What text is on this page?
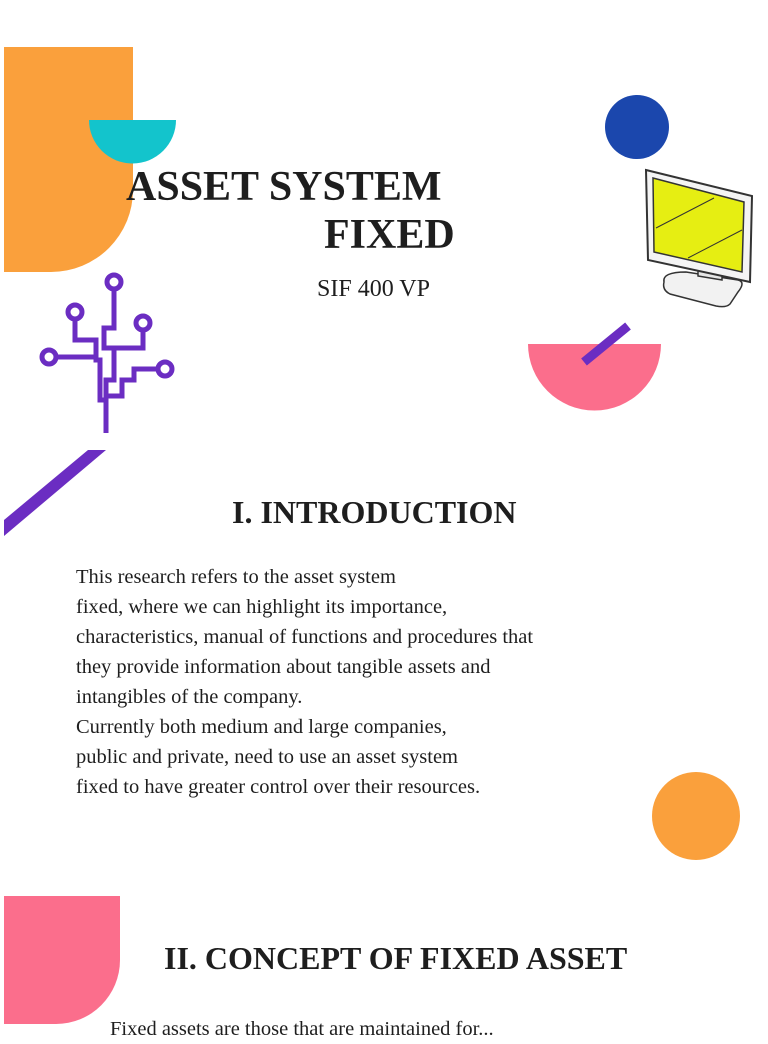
ASSET SYSTEM
FIXED
SIF 400 VP
I. INTRODUCTION
This research refers to the asset system
fixed, where we can highlight its importance,
characteristics, manual of functions and procedures that
they provide information about tangible assets and
intangibles of the company.
Currently both medium and large companies,
public and private, need to use an asset system
fixed to have greater control over their resources.
II. CONCEPT OF FIXED ASSET
Fixed assets are those that are maintained for...
